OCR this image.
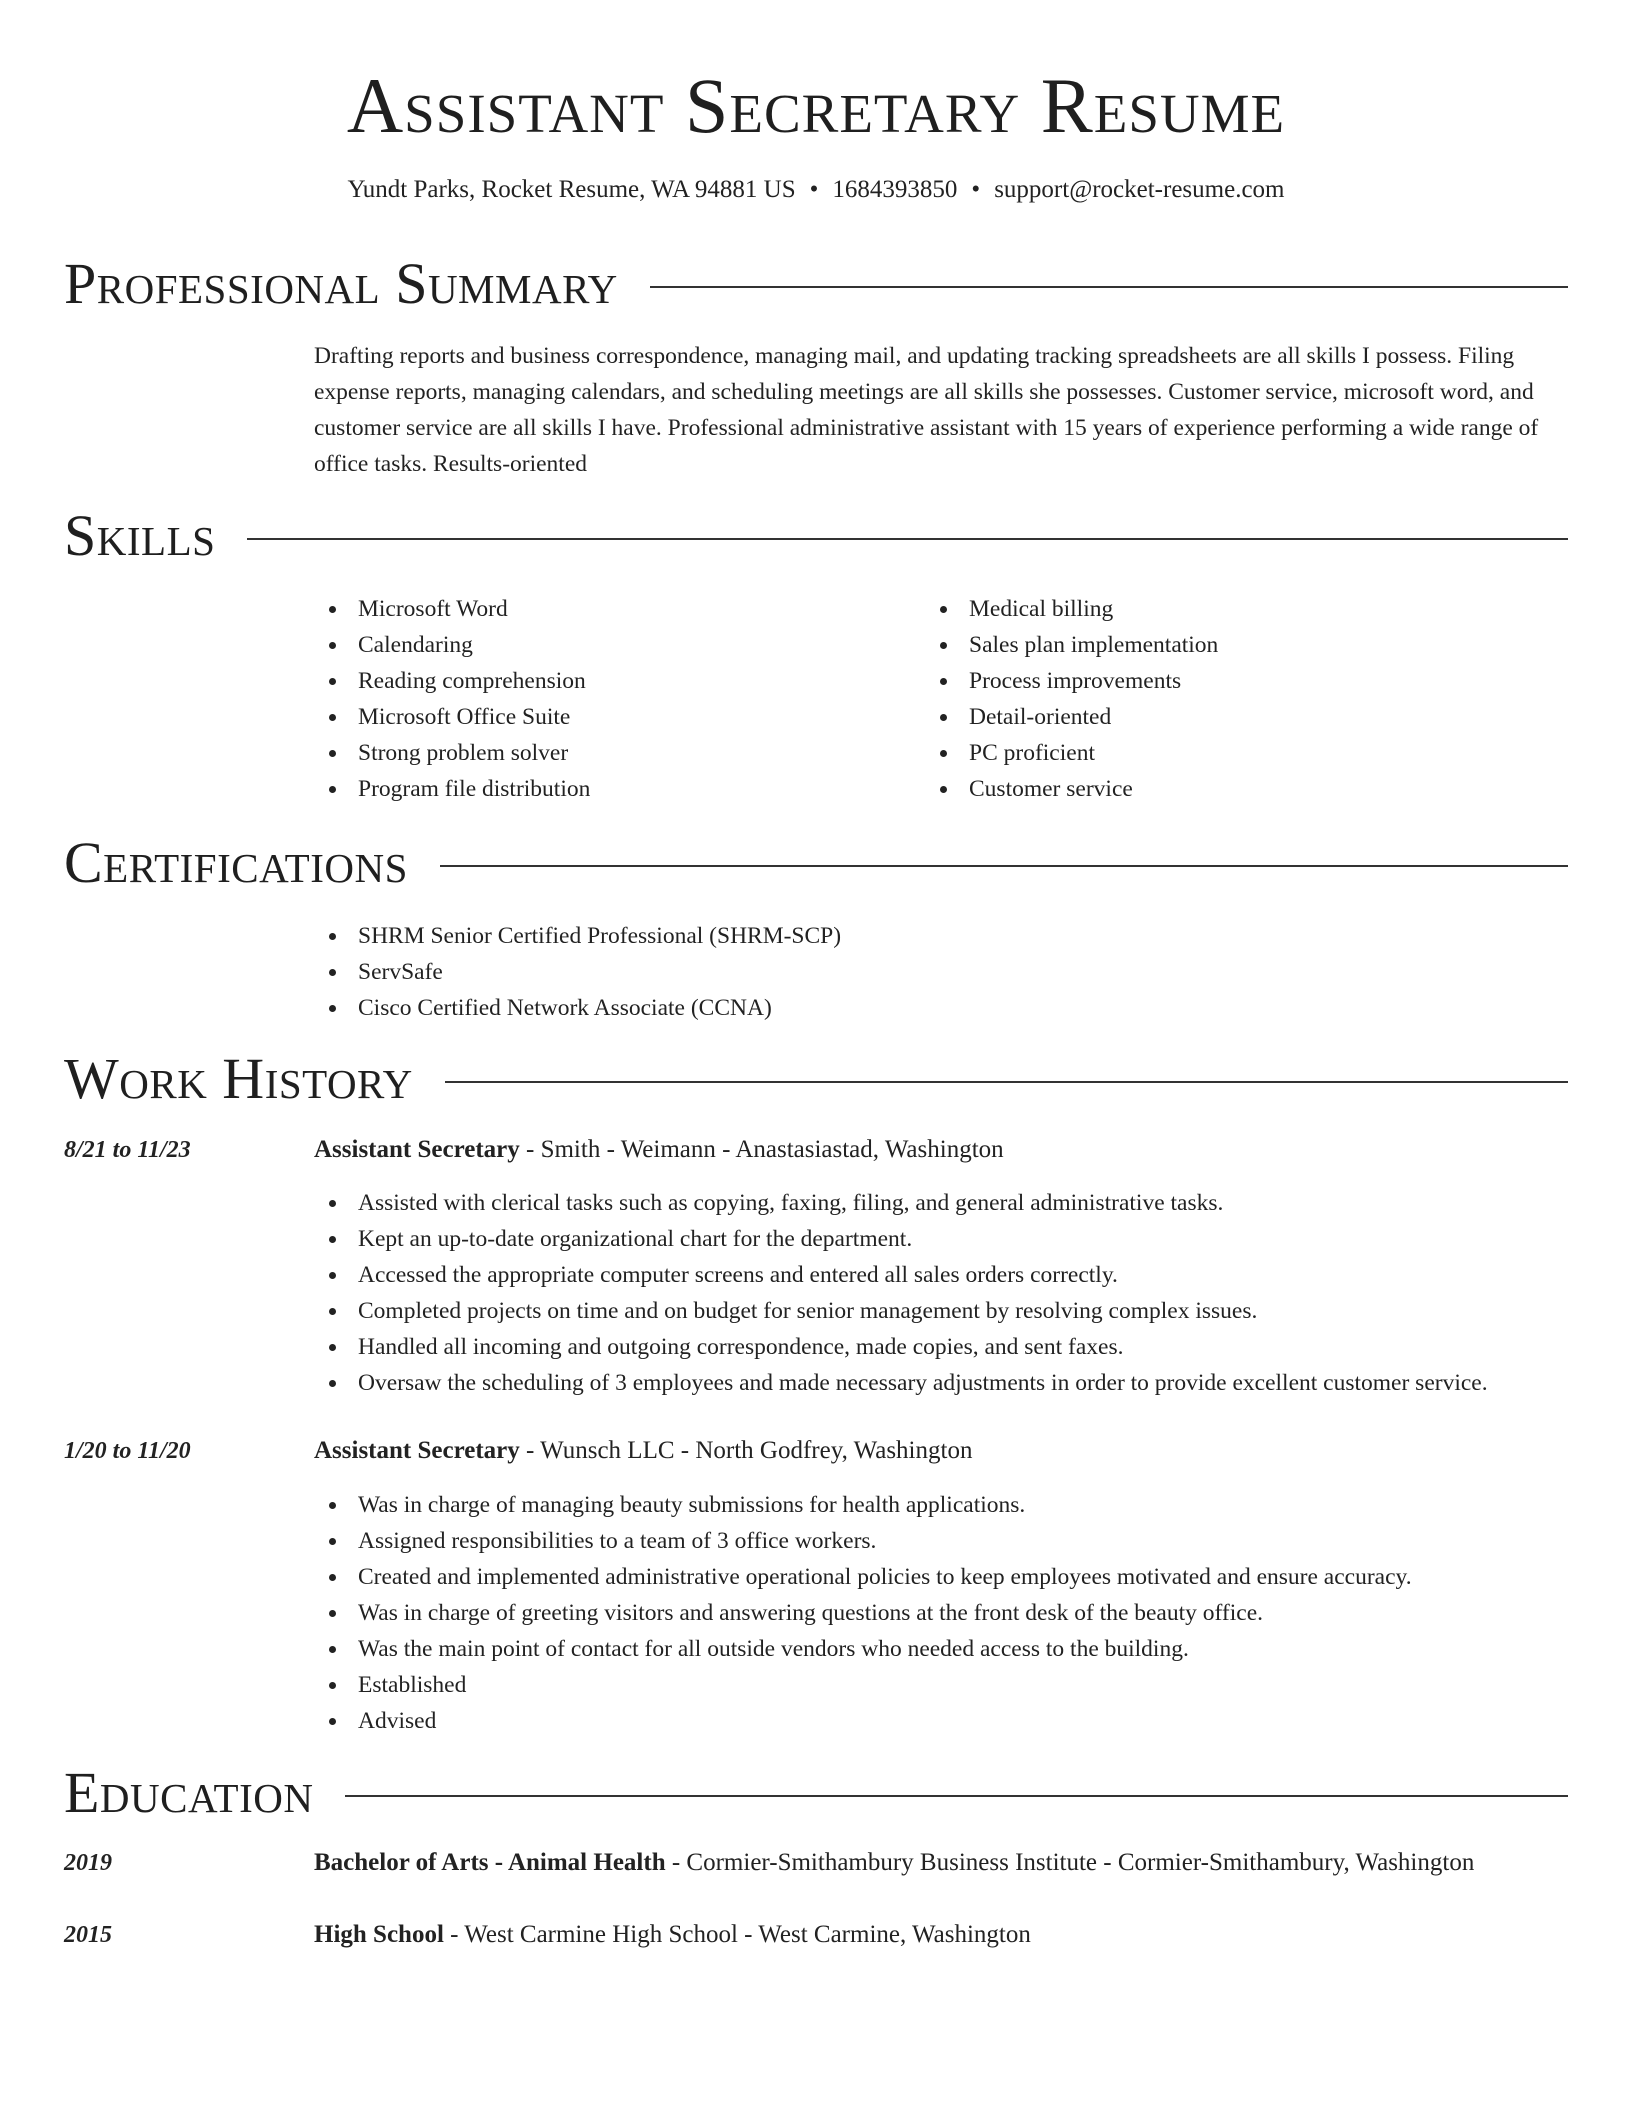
Assistant Secretary Resume
Yundt Parks, Rocket Resume, WA 94881 US • 1684393850 • support@rocket-resume.com
Professional Summary

Drafting reports and business correspondence, managing mail, and updating tracking spreadsheets are all skills I possess. Filing expense reports, managing calendars, and scheduling meetings are all skills she possesses. Customer service, microsoft word, and customer service are all skills I have. Professional administrative assistant with 15 years of experience performing a wide range of office tasks. Results-oriented

Skills
Microsoft Word
Calendaring
Reading comprehension
Microsoft Office Suite
Strong problem solver
Program file distribution
Medical billing
Sales plan implementation
Process improvements
Detail-oriented
PC proficient
Customer service
Certifications
SHRM Senior Certified Professional (SHRM-SCP)
ServSafe
Cisco Certified Network Associate (CCNA)
Work History
8/21 to 11/23	Assistant Secretary - Smith - Weimann - Anastasiastad, Washington
Assisted with clerical tasks such as copying, faxing, filing, and general administrative tasks.
Kept an up-to-date organizational chart for the department.
Accessed the appropriate computer screens and entered all sales orders correctly.
Completed projects on time and on budget for senior management by resolving complex issues.
Handled all incoming and outgoing correspondence, made copies, and sent faxes.
Oversaw the scheduling of 3 employees and made necessary adjustments in order to provide excellent customer service.
1/20 to 11/20	Assistant Secretary - Wunsch LLC - North Godfrey, Washington
Was in charge of managing beauty submissions for health applications.
Assigned responsibilities to a team of 3 office workers.
Created and implemented administrative operational policies to keep employees motivated and ensure accuracy.
Was in charge of greeting visitors and answering questions at the front desk of the beauty office.
Was the main point of contact for all outside vendors who needed access to the building.
Established
Advised
Education
2019	Bachelor of Arts - Animal Health - Cormier-Smithambury Business Institute - Cormier-Smithambury, Washington
2015	High School - West Carmine High School - West Carmine, Washington
